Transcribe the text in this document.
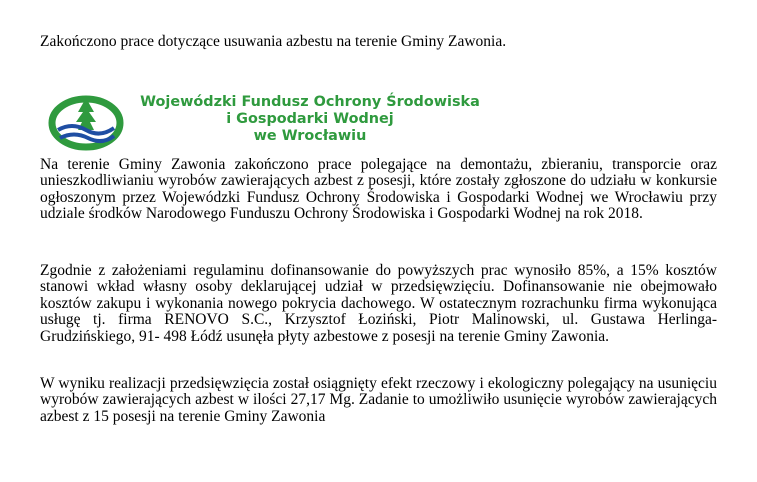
Zakończono prace dotyczące usuwania azbestu na terenie Gminy Zawonia.
Wojewódzki Fundusz Ochrony Środowiska
i Gospodarki Wodnej
we Wrocławiu

Na terenie Gminy Zawonia zakończono prace polegające na demontażu, zbieraniu, transporcie oraz unieszkodliwianiu wyrobów zawierających azbest z posesji, które zostały zgłoszone do udziału w konkursie ogłoszonym przez Wojewódzki Fundusz Ochrony Środowiska i Gospodarki Wodnej we Wrocławiu przy udziale środków Narodowego Funduszu Ochrony Środowiska i Gospodarki Wodnej na rok 2018.

Zgodnie z założeniami regulaminu dofinansowanie do powyższych prac wynosiło 85%, a 15% kosztów stanowi wkład własny osoby deklarującej udział w przedsięwzięciu. Dofinansowanie nie obejmowało kosztów zakupu i wykonania nowego pokrycia dachowego. W ostatecznym rozrachunku firma wykonująca usługę tj. firma RENOVO S.C., Krzysztof Łoziński, Piotr Malinowski, ul. Gustawa Herlinga- Grudzińskiego, 91- 498 Łódź usunęła płyty azbestowe z posesji na terenie Gminy Zawonia.

W wyniku realizacji przedsięwzięcia został osiągnięty efekt rzeczowy i ekologiczny polegający na usunięciu wyrobów zawierających azbest w ilości 27,17 Mg. Zadanie to umożliwiło usunięcie wyrobów zawierających azbest z 15 posesji na terenie Gminy Zawonia
